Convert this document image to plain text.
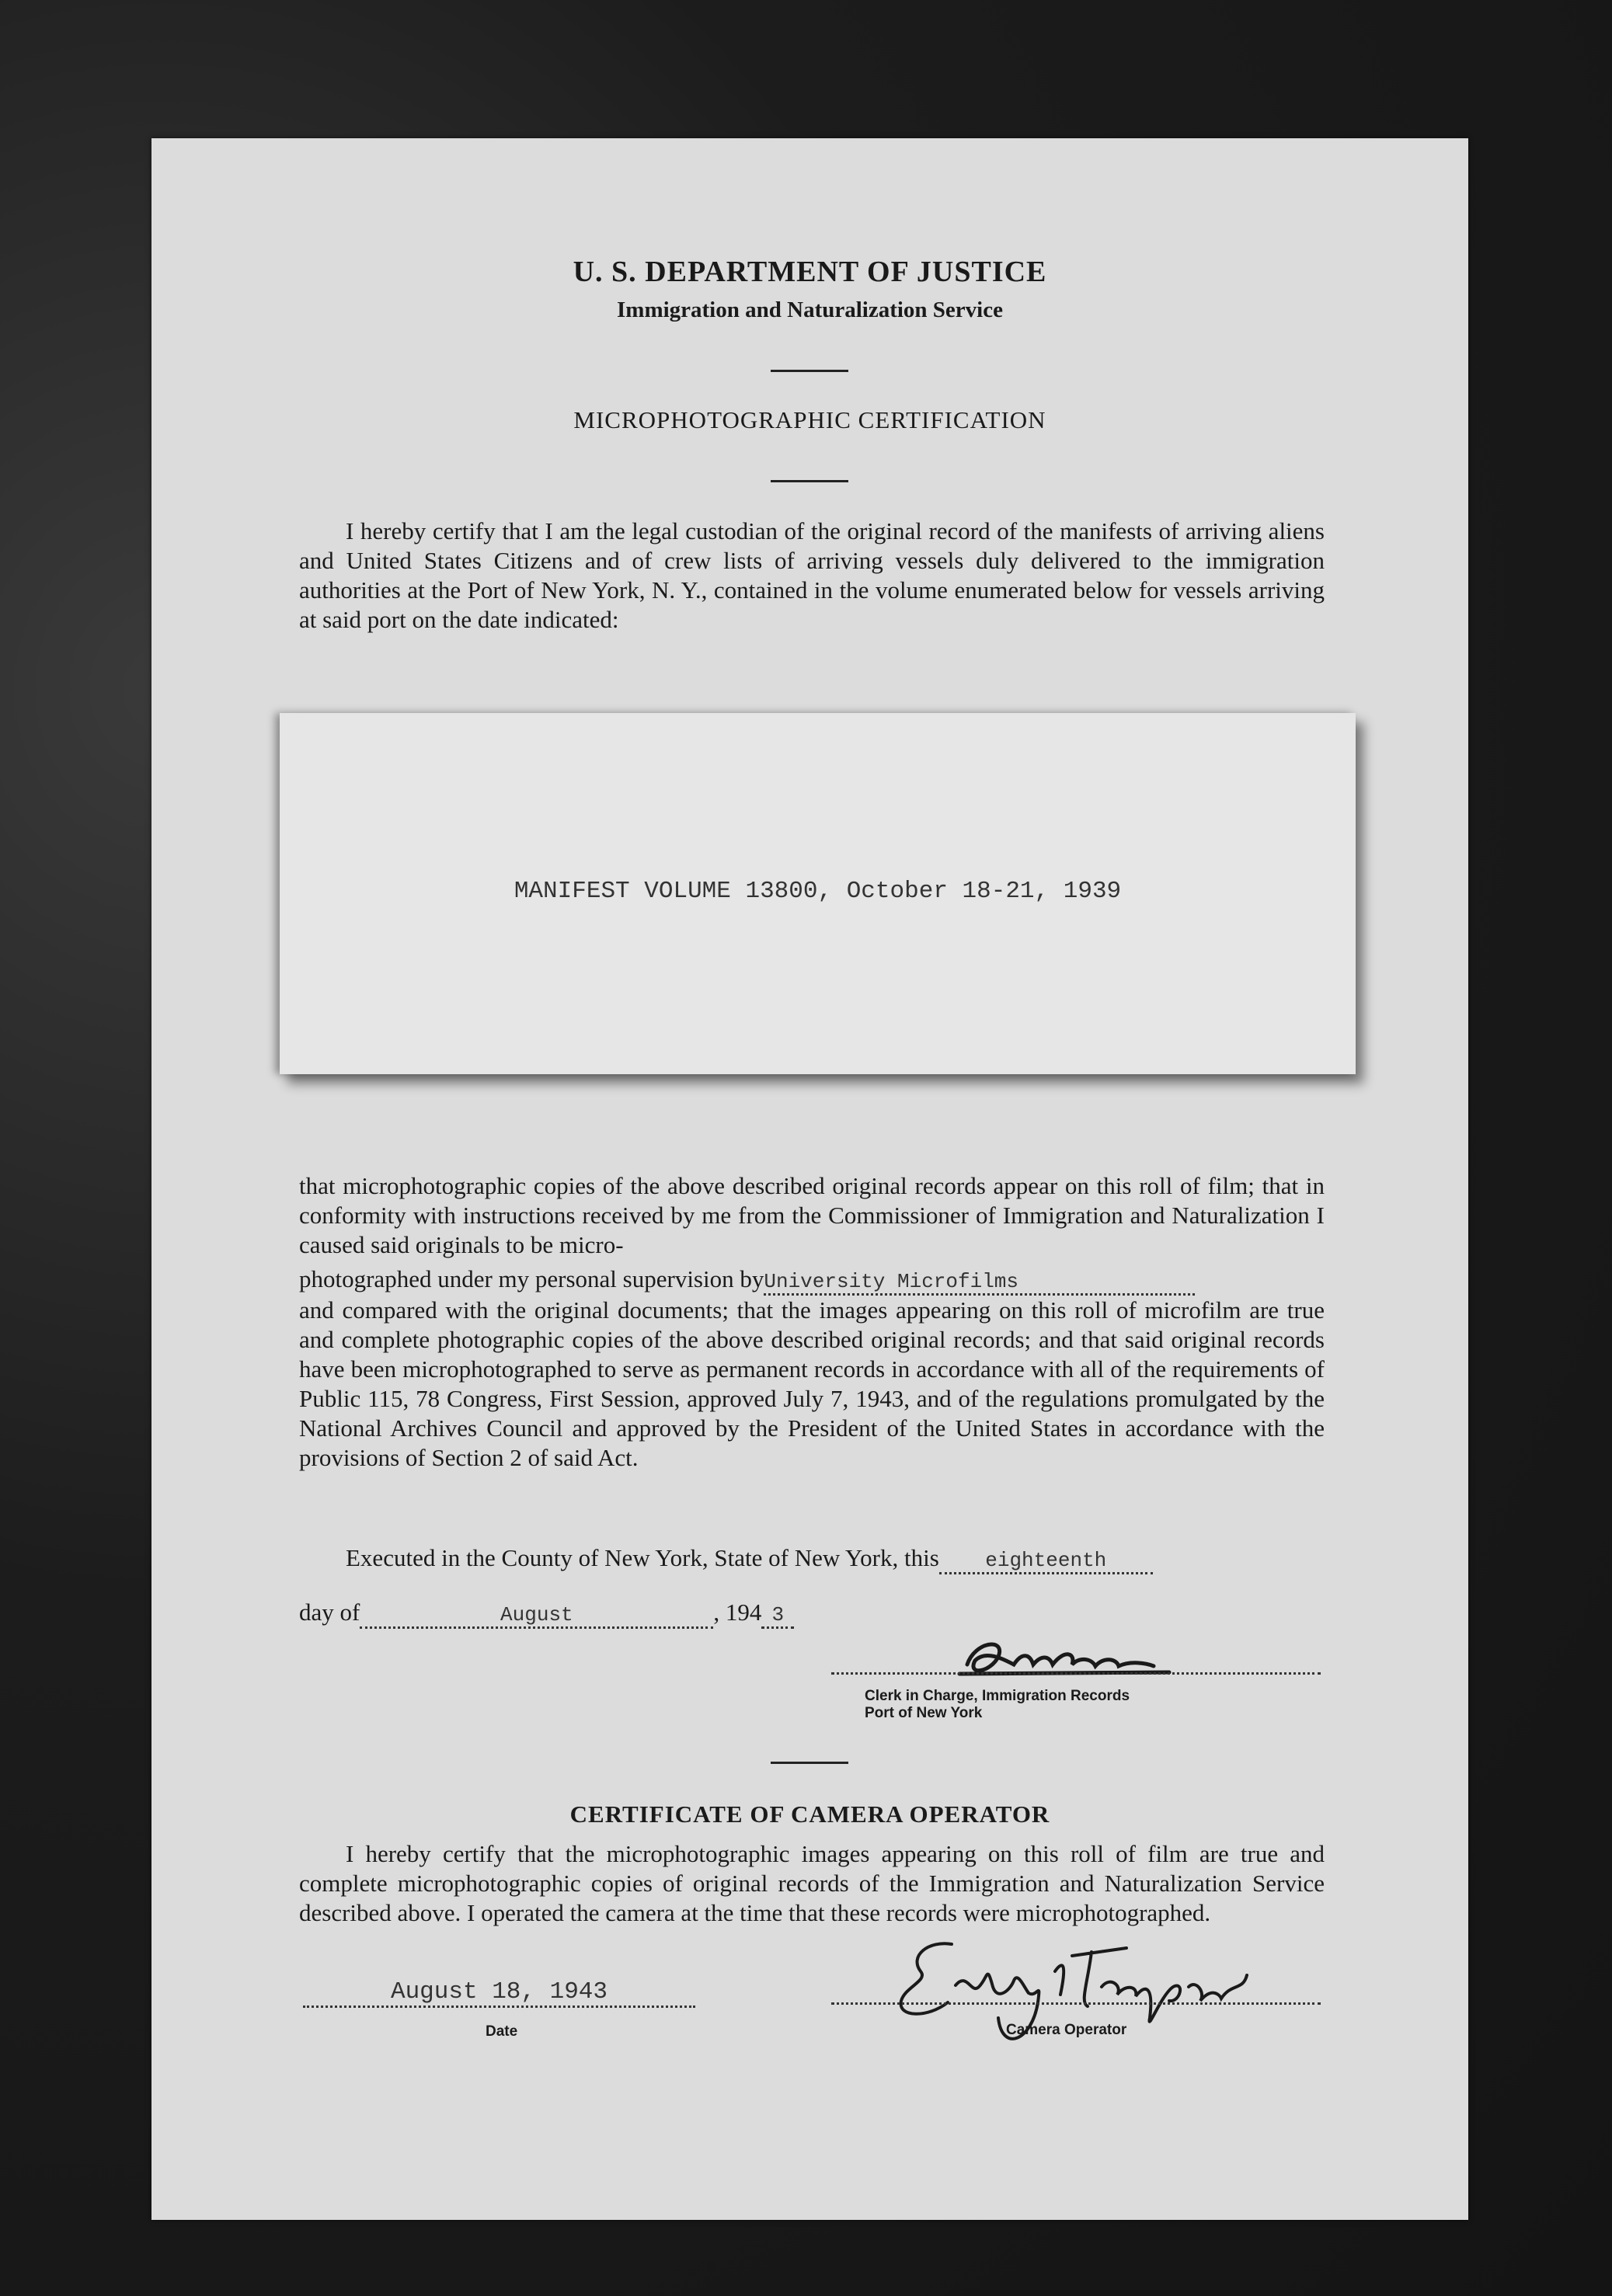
U. S. DEPARTMENT OF JUSTICE
Immigration and Naturalization Service
MICROPHOTOGRAPHIC CERTIFICATION

I hereby certify that I am the legal custodian of the original record of the manifests of arriving aliens and United States Citizens and of crew lists of arriving vessels duly delivered to the immigration authorities at the Port of New York, N. Y., contained in the volume enumerated below for vessels arriving at said port on the date indicated:

MANIFEST VOLUME 13800, October 18-21, 1939

that microphotographic copies of the above described original records appear on this roll of film; that in conformity with instructions received by me from the Commissioner of Immigration and Naturalization I caused said originals to be micro-

photographed under my personal supervision byUniversity Microfilms

and compared with the original documents; that the images appearing on this roll of microfilm are true and complete photographic copies of the above described original records; and that said original records have been microphotographed to serve as permanent records in accordance with all of the requirements of Public 115, 78 Congress, First Session, approved July 7, 1943, and of the regulations promulgated by the National Archives Council and approved by the President of the United States in accordance with the provisions of Section 2 of said Act.

Executed in the County of New York, State of New York, this eighteenth
day of	August	, 194 3
Clerk in Charge, Immigration Records
Port of New York
CERTIFICATE OF CAMERA OPERATOR

I hereby certify that the microphotographic images appearing on this roll of film are true and complete microphotographic copies of original records of the Immigration and Naturalization Service described above. I operated the camera at the time that these records were microphotographed.

August 18, 1943
Date	Camera Operator
